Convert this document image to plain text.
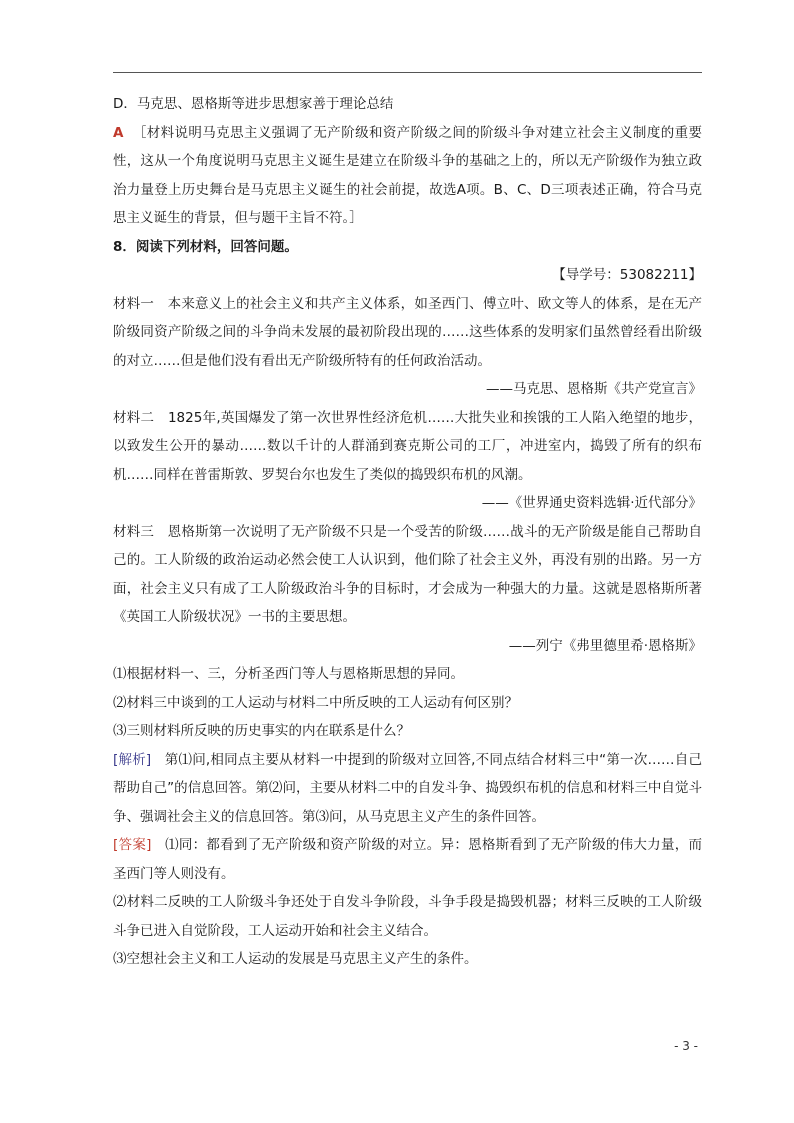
D．马克思、恩格斯等进步思想家善于理论总结

A ［材料说明马克思主义强调了无产阶级和资产阶级之间的阶级斗争对建立社会主义制度的重要性，这从一个角度说明马克思主义诞生是建立在阶级斗争的基础之上的，所以无产阶级作为独立政治力量登上历史舞台是马克思主义诞生的社会前提，故选A项。B、C、D三项表述正确，符合马克思主义诞生的背景，但与题干主旨不符。］

8．阅读下列材料，回答问题。

【导学号：53082211】

材料一 本来意义上的社会主义和共产主义体系，如圣西门、傅立叶、欧文等人的体系，是在无产阶级同资产阶级之间的斗争尚未发展的最初阶段出现的……这些体系的发明家们虽然曾经看出阶级的对立……但是他们没有看出无产阶级所特有的任何政治活动。

——马克思、恩格斯《共产党宣言》

材料二 1825年,英国爆发了第一次世界性经济危机……大批失业和挨饿的工人陷入绝望的地步，以致发生公开的暴动……数以千计的人群涌到赛克斯公司的工厂，冲进室内，捣毁了所有的织布机……同样在普雷斯敦、罗契台尔也发生了类似的捣毁织布机的风潮。

——《世界通史资料选辑·近代部分》

材料三 恩格斯第一次说明了无产阶级不只是一个受苦的阶级……战斗的无产阶级是能自己帮助自己的。工人阶级的政治运动必然会使工人认识到，他们除了社会主义外，再没有别的出路。另一方面，社会主义只有成了工人阶级政治斗争的目标时，才会成为一种强大的力量。这就是恩格斯所著《英国工人阶级状况》一书的主要思想。

——列宁《弗里德里希·恩格斯》

⑴根据材料一、三，分析圣西门等人与恩格斯思想的异同。

⑵材料三中谈到的工人运动与材料二中所反映的工人运动有何区别？

⑶三则材料所反映的历史事实的内在联系是什么？

[解析] 第⑴问,相同点主要从材料一中提到的阶级对立回答,不同点结合材料三中“第一次……自己帮助自己”的信息回答。第⑵问，主要从材料二中的自发斗争、捣毁织布机的信息和材料三中自觉斗争、强调社会主义的信息回答。第⑶问，从马克思主义产生的条件回答。

[答案] ⑴同：都看到了无产阶级和资产阶级的对立。异：恩格斯看到了无产阶级的伟大力量，而圣西门等人则没有。

⑵材料二反映的工人阶级斗争还处于自发斗争阶段，斗争手段是捣毁机器；材料三反映的工人阶级斗争已进入自觉阶段，工人运动开始和社会主义结合。

⑶空想社会主义和工人运动的发展是马克思主义产生的条件。

- 3 -
